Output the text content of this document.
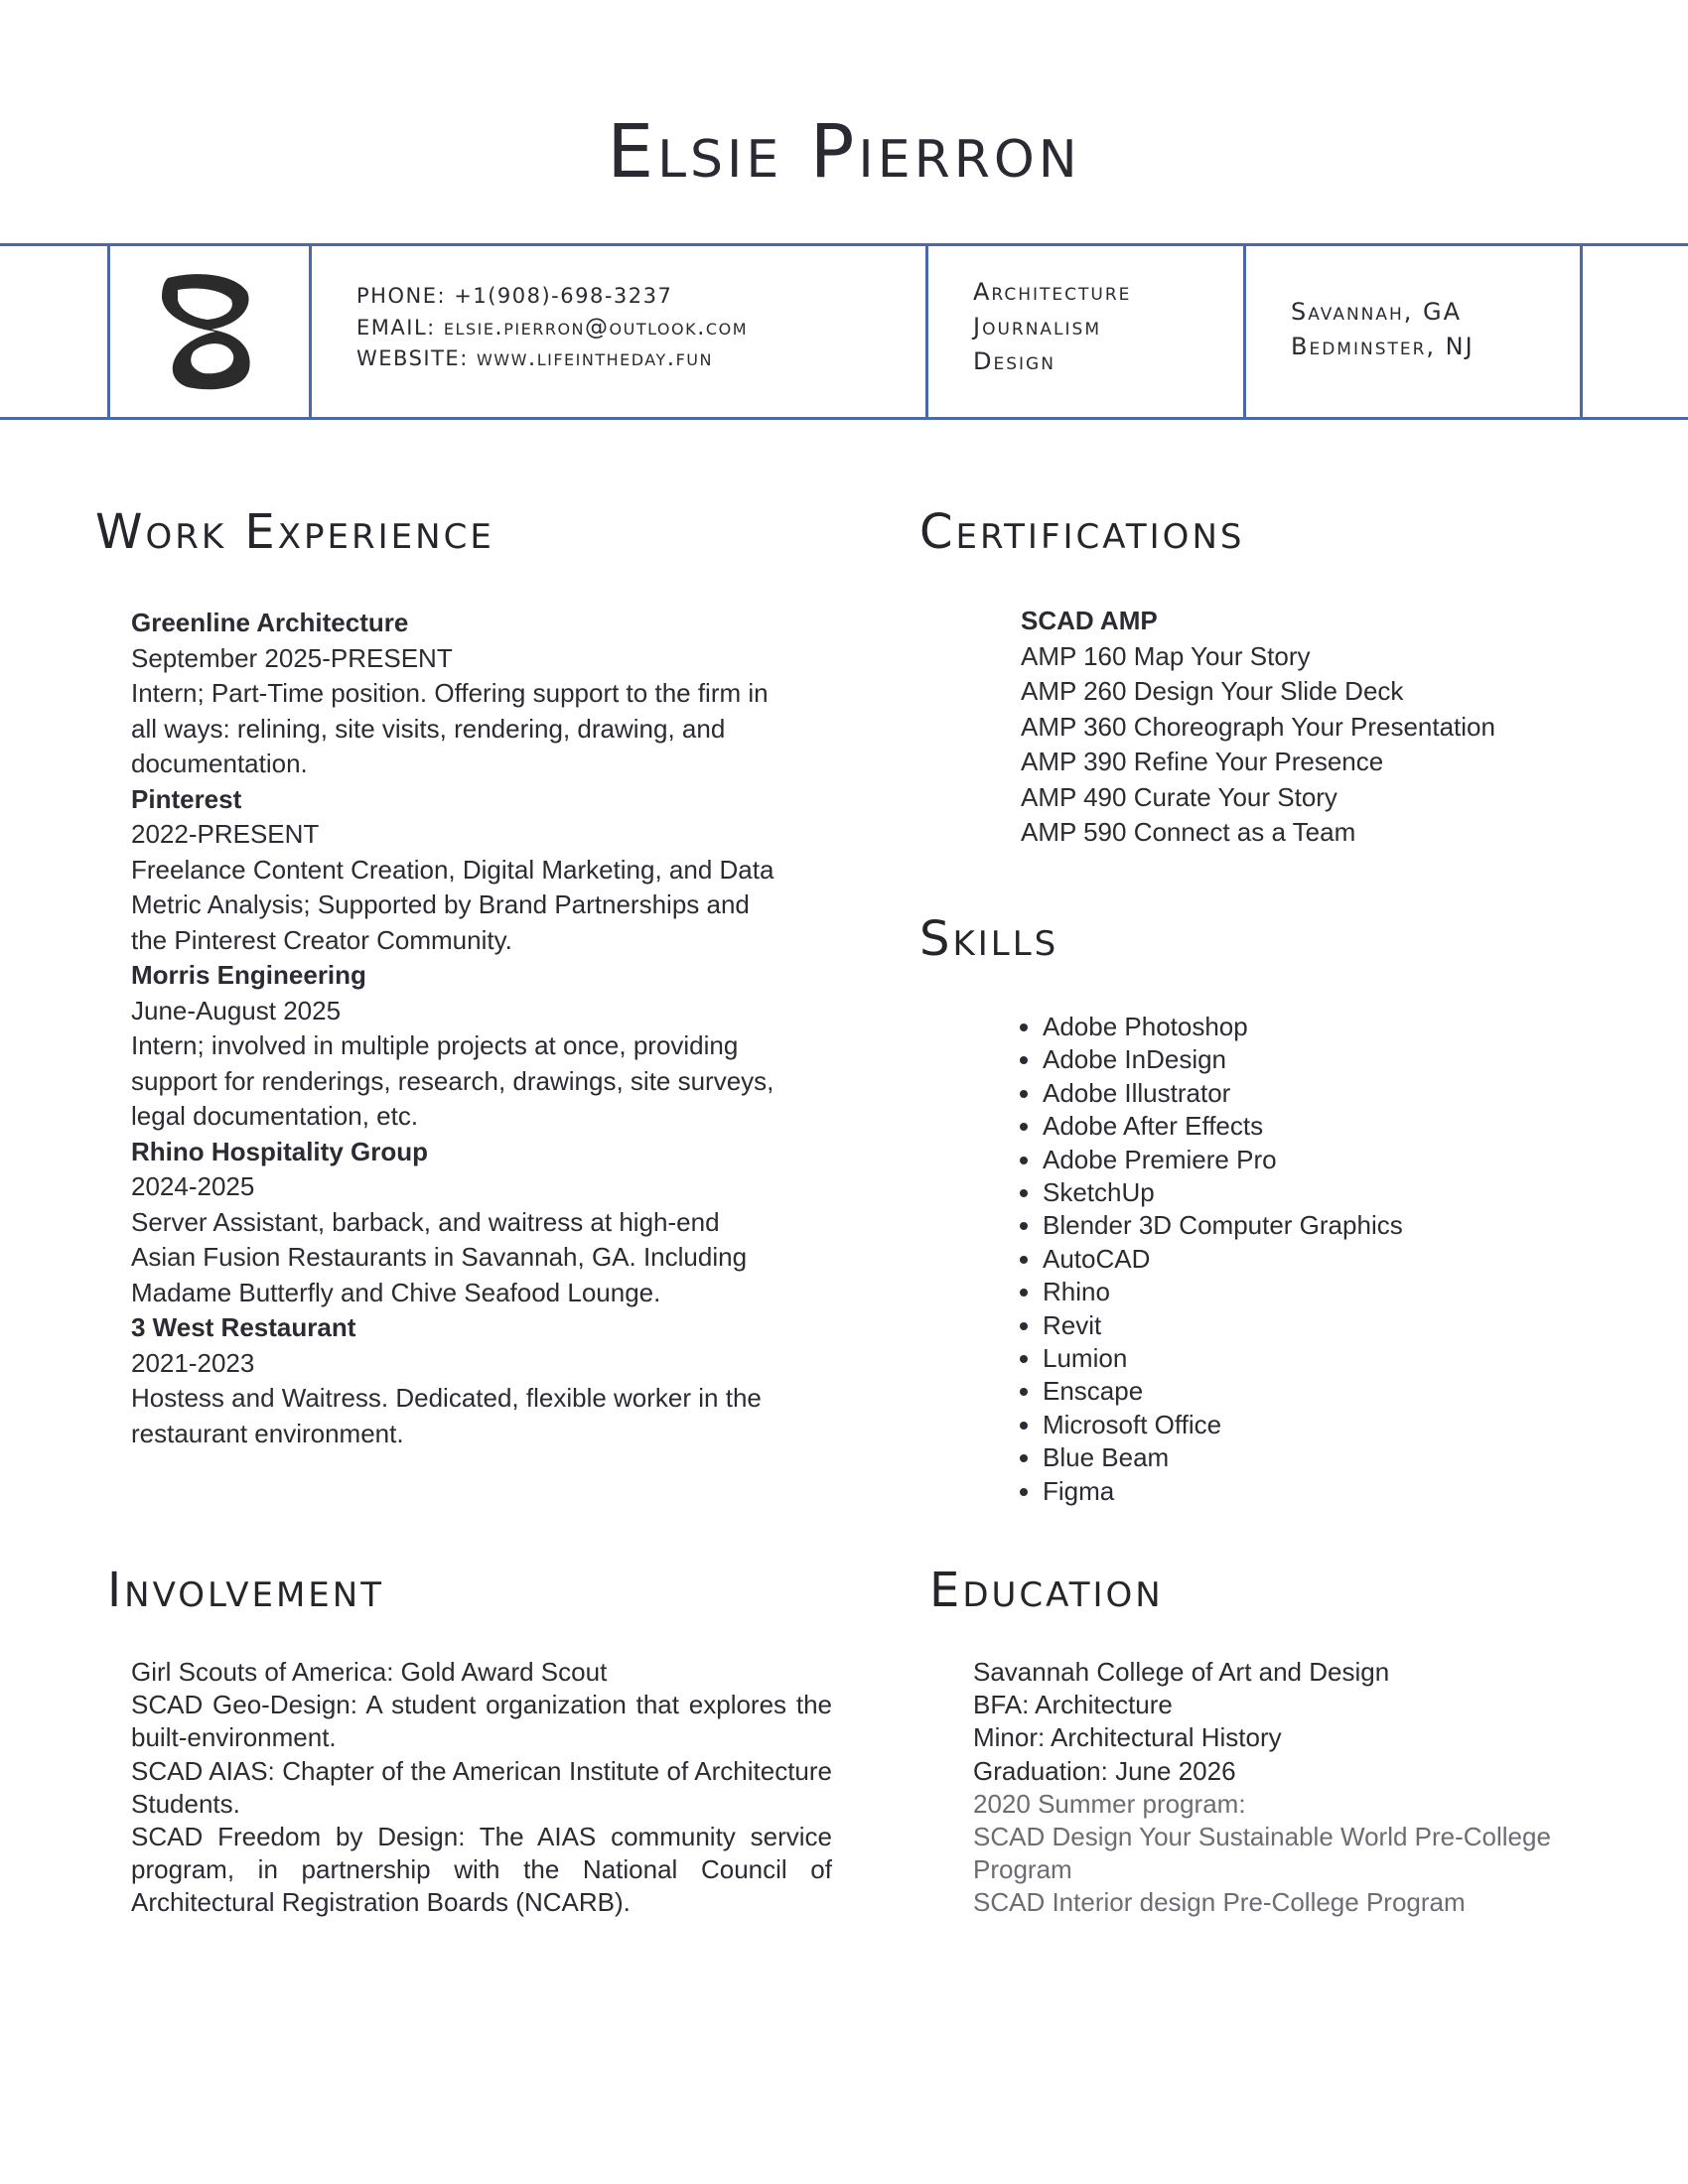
Elsie Pierron
PHONE: +1(908)-698-3237
EMAIL: elsie.pierron@outlook.com
WEBSITE: www.lifeintheday.fun
Architecture
Journalism
Design
Savannah, GA
Bedminster, NJ
Work Experience
Greenline Architecture
September 2025-PRESENT
Intern; Part-Time position. Offering support to the firm in
all ways: relining, site visits, rendering, drawing, and
documentation.
Pinterest
2022-PRESENT
Freelance Content Creation, Digital Marketing, and Data
Metric Analysis; Supported by Brand Partnerships and
the Pinterest Creator Community.
Morris Engineering
June-August 2025
Intern; involved in multiple projects at once, providing
support for renderings, research, drawings, site surveys,
legal documentation, etc.
Rhino Hospitality Group
2024-2025
Server Assistant, barback, and waitress at high-end
Asian Fusion Restaurants in Savannah, GA. Including
Madame Butterfly and Chive Seafood Lounge.
3 West Restaurant
2021-2023
Hostess and Waitress. Dedicated, flexible worker in the
restaurant environment.
Certifications
SCAD AMP
AMP 160 Map Your Story
AMP 260 Design Your Slide Deck
AMP 360 Choreograph Your Presentation
AMP 390 Refine Your Presence
AMP 490 Curate Your Story
AMP 590 Connect as a Team
Skills
• Adobe Photoshop
• Adobe InDesign
• Adobe Illustrator
• Adobe After Effects
• Adobe Premiere Pro
• SketchUp
• Blender 3D Computer Graphics
• AutoCAD
• Rhino
• Revit
• Lumion
• Enscape
• Microsoft Office
• Blue Beam
• Figma
Involvement
Girl Scouts of America: Gold Award Scout
SCAD Geo-Design: A student organization that explores the built-environment.
SCAD AIAS: Chapter of the American Institute of Architecture Students.
SCAD Freedom by Design: The AIAS community service program, in partnership with the National Council of Architectural Registration Boards (NCARB).
Education
Savannah College of Art and Design
BFA: Architecture
Minor: Architectural History
Graduation: June 2026
2020 Summer program:
SCAD Design Your Sustainable World Pre-College
Program
SCAD Interior design Pre-College Program
